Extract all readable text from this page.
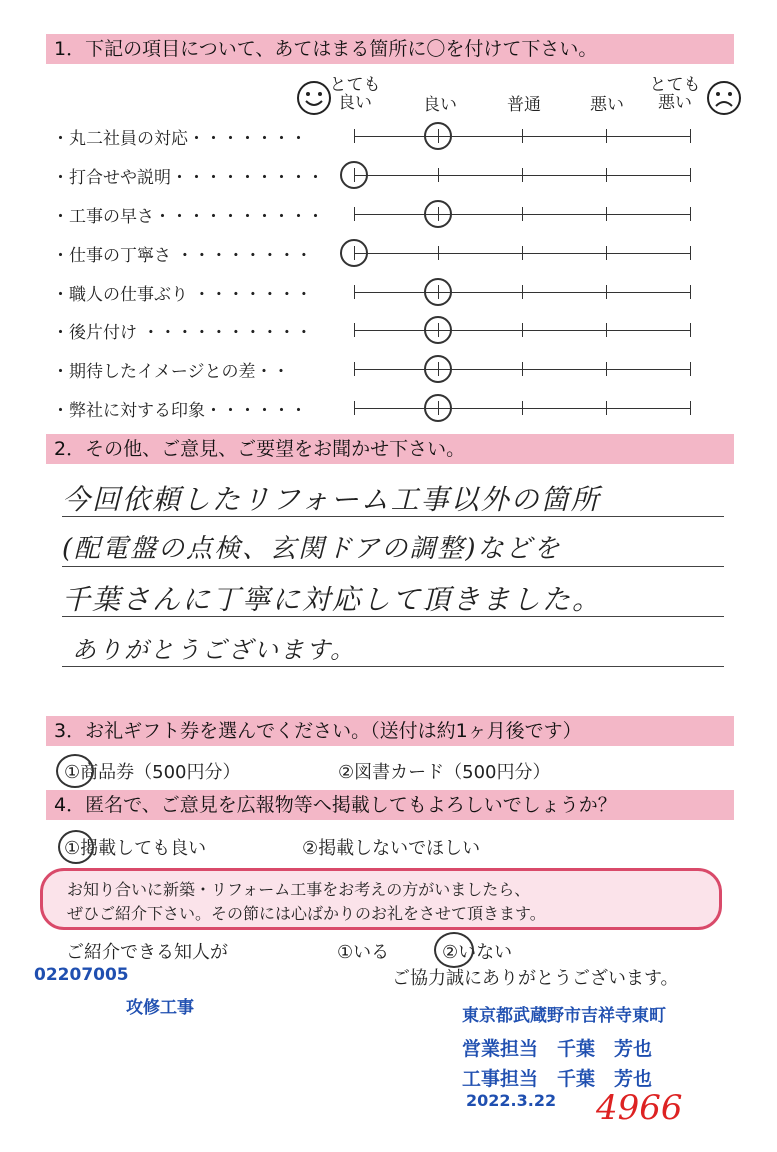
1．下記の項目について、あてはまる箇所に〇を付けて下さい。
とても
良い	良い	普通	悪い
とても
悪い
・丸二社員の対応・・・・・・・
・打合せや説明・・・・・・・・・
・工事の早さ・・・・・・・・・・
・仕事の丁寧さ ・・・・・・・・
・職人の仕事ぶり ・・・・・・・
・後片付け ・・・・・・・・・・
・期待したイメージとの差・・
・弊社に対する印象・・・・・・
2．その他、ご意見、ご要望をお聞かせ下さい。
今回依頼したリフォーム工事以外の箇所
(配電盤の点検、玄関ドアの調整)などを
千葉さんに丁寧に対応して頂きました。
ありがとうございます。
3．お礼ギフト券を選んでください。（送付は約1ヶ月後です）
①商品券（500円分）	②図書カード（500円分）
4．匿名で、ご意見を広報物等へ掲載してもよろしいでしょうか？
①掲載しても良い	②掲載しないでほしい
お知り合いに新築・リフォーム工事をお考えの方がいましたら、
ぜひご紹介下さい。その節には心ばかりのお礼をさせて頂きます。
ご紹介できる知人が	①いる	②いない
ご協力誠にありがとうございます。
02207005
攻修工事	東京都武蔵野市吉祥寺東町
営業担当　千葉　芳也
工事担当　千葉　芳也
2022.3.22 4966
